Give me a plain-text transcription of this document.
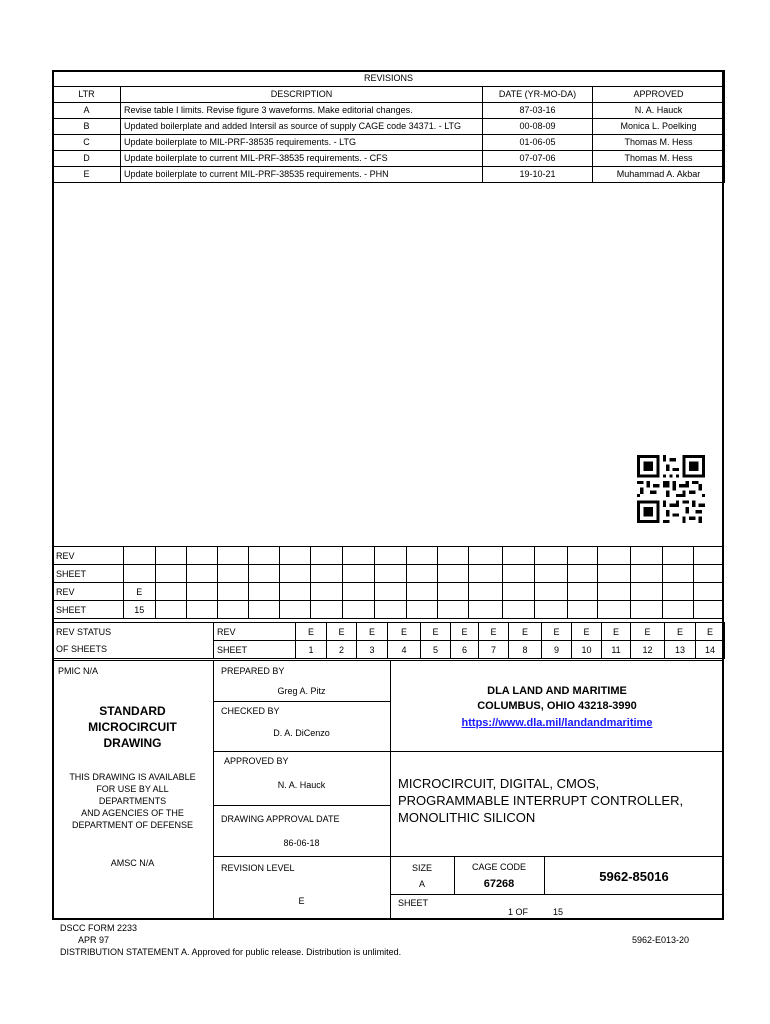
REVISIONS			
LTR	DESCRIPTION	DATE (YR-MO-DA)	APPROVED
A	Revise table I limits. Revise figure 3 waveforms. Make editorial changes.	87-03-16	N. A. Hauck
B	Updated boilerplate and added Intersil as source of supply CAGE code 34371. - LTG	00-08-09	Monica L. Poelking
C	Update boilerplate to MIL-PRF-38535 requirements. - LTG	01-06-05	Thomas M. Hess
D	Update boilerplate to current MIL-PRF-38535 requirements. - CFS	07-07-06	Thomas M. Hess
E	Update boilerplate to current MIL-PRF-38535 requirements. - PHN	19-10-21	Muhammad A. Akbar
REV																			
SHEET																			
REV	E																		
SHEET	15																		
REV STATUS	REV	E	E	E	E	E	E	E	E	E	E	E	E	E	E
OF SHEETS	SHEET	1	2	3	4	5	6	7	8	9	10	11	12	13	14
PMIC N/A
STANDARD
MICROCIRCUIT
DRAWING
THIS DRAWING IS AVAILABLE
FOR USE BY ALL
DEPARTMENTS
AND AGENCIES OF THE
DEPARTMENT OF DEFENSE
AMSC N/A
PREPARED BY
Greg A. Pitz
CHECKED BY
D. A. DiCenzo
APPROVED BY
N. A. Hauck
DRAWING APPROVAL DATE
86-06-18
REVISION LEVEL
E
DLA LAND AND MARITIME
COLUMBUS, OHIO 43218-3990
https://www.dla.mil/landandmaritime
MICROCIRCUIT, DIGITAL, CMOS,
PROGRAMMABLE INTERRUPT CONTROLLER,
MONOLITHIC SILICON
SIZE
A
CAGE CODE
67268	5962-85016
SHEET
1 OF	15
DSCC FORM 2233
APR 97
DISTRIBUTION STATEMENT A. Approved for public release. Distribution is unlimited.
5962-E013-20
